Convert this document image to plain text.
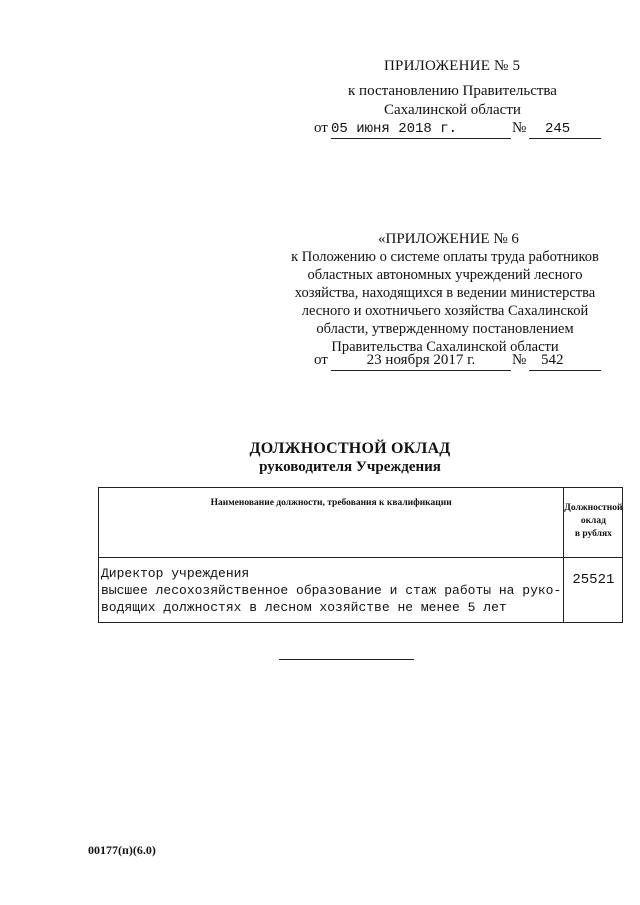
ПРИЛОЖЕНИЕ № 5
к постановлению Правительства
Сахалинской области
от 05 июня 2018 г.	№ 245
«ПРИЛОЖЕНИЕ № 6
к Положению о системе оплаты труда работников
областных автономных учреждений лесного
хозяйства, находящихся в ведении министерства
лесного и охотничьего хозяйства Сахалинской
области, утвержденному постановлением
Правительства Сахалинской области
от	23 ноября 2017 г.	№ 542
ДОЛЖНОСТНОЙ ОКЛАД
руководителя Учреждения
Наименование должности, требования к квалификации	Должностной
оклад
в рублях

Директор учреждения
высшее лесохозяйственное образование и стаж работы на руко-
водящих должностях в лесном хозяйстве не менее 5 лет	25521
00177(п)(6.0)
